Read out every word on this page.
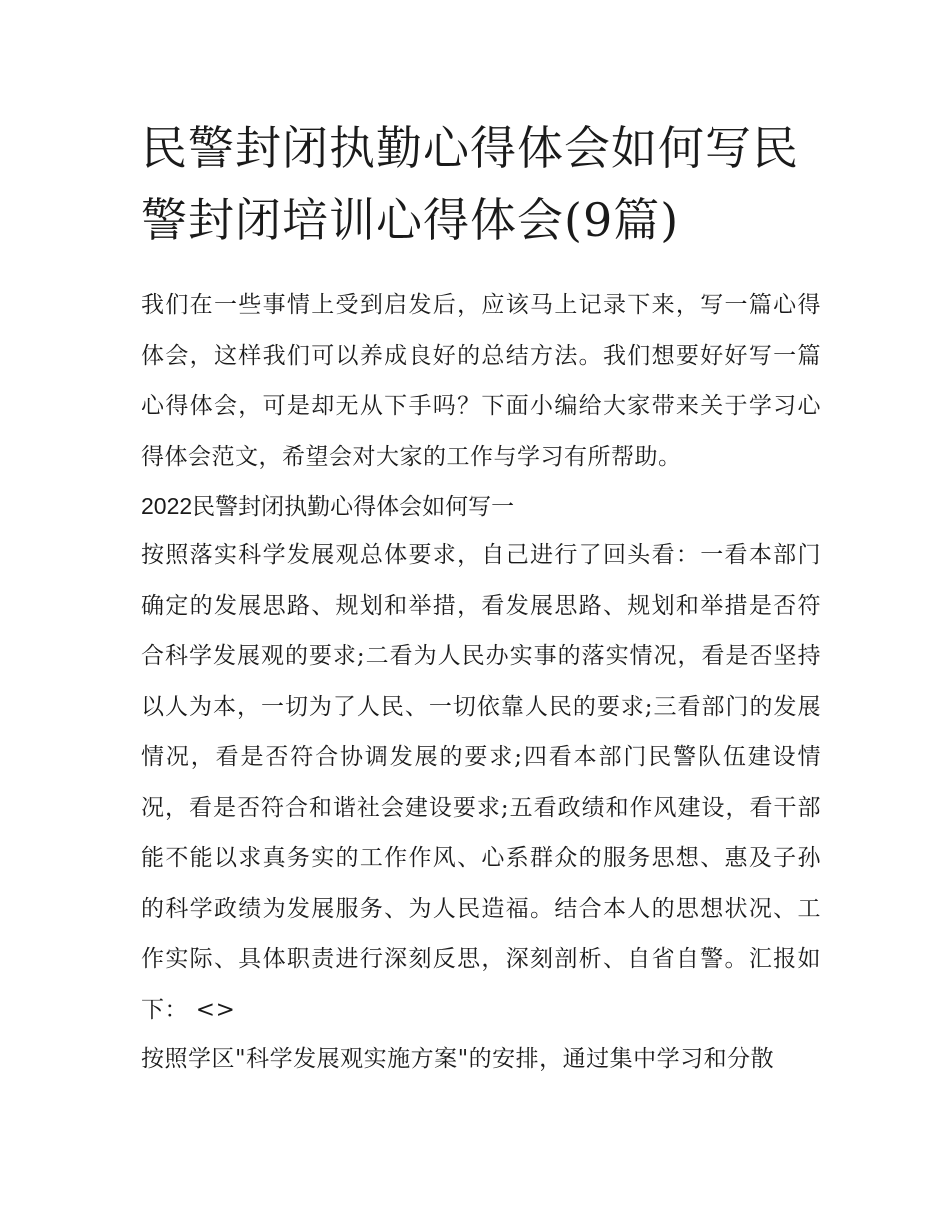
民警封闭执勤心得体会如何写民警封闭培训心得体会(9篇)

我们在一些事情上受到启发后，应该马上记录下来，写一篇心得体会，这样我们可以养成良好的总结方法。我们想要好好写一篇心得体会，可是却无从下手吗？下面小编给大家带来关于学习心得体会范文，希望会对大家的工作与学习有所帮助。

2022民警封闭执勤心得体会如何写一

按照落实科学发展观总体要求，自己进行了回头看：一看本部门确定的发展思路、规划和举措，看发展思路、规划和举措是否符合科学发展观的要求;二看为人民办实事的落实情况，看是否坚持以人为本，一切为了人民、一切依靠人民的要求;三看部门的发展情况，看是否符合协调发展的要求;四看本部门民警队伍建设情况，看是否符合和谐社会建设要求;五看政绩和作风建设，看干部能不能以求真务实的工作作风、心系群众的服务思想、惠及子孙的科学政绩为发展服务、为人民造福。结合本人的思想状况、工作实际、具体职责进行深刻反思，深刻剖析、自省自警。汇报如下： <>

按照学区"科学发展观实施方案"的安排，通过集中学习和分散
